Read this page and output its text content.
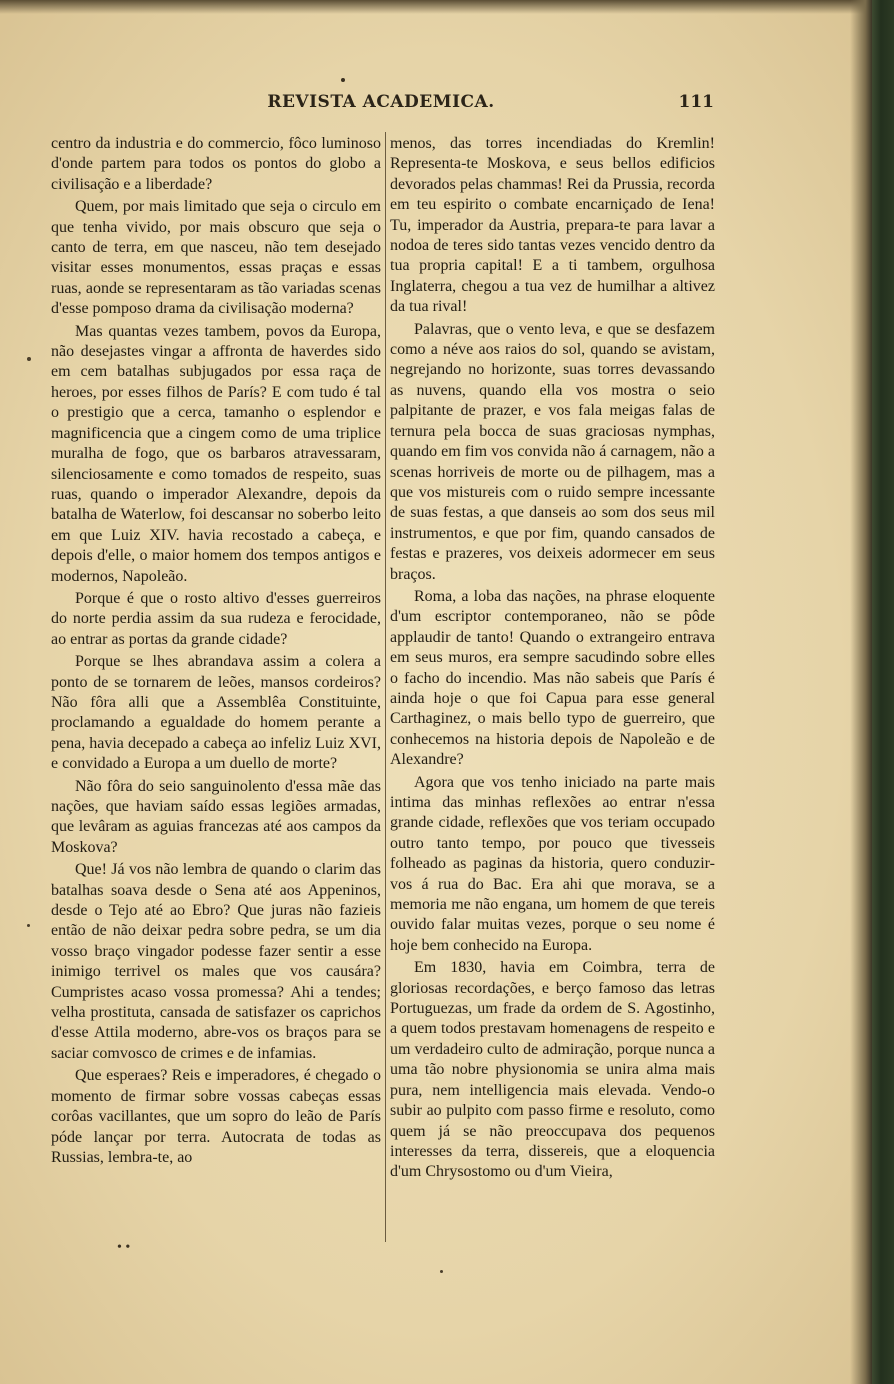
REVISTA ACADEMICA.	111

centro da industria e do commercio, fôco luminoso d'onde partem para todos os pontos do globo a civilisação e a liberdade?

Quem, por mais limitado que seja o circulo em que tenha vivido, por mais obscuro que seja o canto de terra, em que nasceu, não tem desejado visitar esses monumentos, essas praças e essas ruas, aonde se representaram as tão variadas scenas d'esse pomposo drama da civilisação moderna?

Mas quantas vezes tambem, povos da Europa, não desejastes vingar a affronta de haverdes sido em cem batalhas subjugados por essa raça de heroes, por esses filhos de París? E com tudo é tal o prestigio que a cerca, tamanho o esplendor e magnificencia que a cingem como de uma triplice muralha de fogo, que os barbaros atravessaram, silenciosamente e como tomados de respeito, suas ruas, quando o imperador Alexandre, depois da batalha de Waterlow, foi descansar no soberbo leito em que Luiz XIV. havia recostado a cabeça, e depois d'elle, o maior homem dos tempos antigos e modernos, Napoleão.

Porque é que o rosto altivo d'esses guerreiros do norte perdia assim da sua rudeza e ferocidade, ao entrar as portas da grande cidade?

Porque se lhes abrandava assim a colera a ponto de se tornarem de leões, mansos cordeiros? Não fôra alli que a Assemblêa Constituinte, proclamando a egualdade do homem perante a pena, havia decepado a cabeça ao infeliz Luiz XVI, e convidado a Europa a um duello de morte?

Não fôra do seio sanguinolento d'essa mãe das nações, que haviam saído essas legiões armadas, que levâram as aguias francezas até aos campos da Moskova?

Que! Já vos não lembra de quando o clarim das batalhas soava desde o Sena até aos Appeninos, desde o Tejo até ao Ebro? Que juras não fazieis então de não deixar pedra sobre pedra, se um dia vosso braço vingador podesse fazer sentir a esse inimigo terrivel os males que vos causára? Cumpristes acaso vossa promessa? Ahi a tendes; velha prostituta, cansada de satisfazer os caprichos d'esse Attila moderno, abre-vos os braços para se saciar comvosco de crimes e de infamias.

Que esperaes? Reis e imperadores, é chegado o momento de firmar sobre vossas cabeças essas corôas vacillantes, que um sopro do leão de París póde lançar por terra. Autocrata de todas as Russias, lembra-te, ao

menos, das torres incendiadas do Kremlin! Representa-te Moskova, e seus bellos edificios devorados pelas chammas! Rei da Prussia, recorda em teu espirito o combate encarniçado de Iena! Tu, imperador da Austria, prepara-te para lavar a nodoa de teres sido tantas vezes vencido dentro da tua propria capital! E a ti tambem, orgulhosa Inglaterra, chegou a tua vez de humilhar a altivez da tua rival!

Palavras, que o vento leva, e que se desfazem como a néve aos raios do sol, quando se avistam, negrejando no horizonte, suas torres devassando as nuvens, quando ella vos mostra o seio palpitante de prazer, e vos fala meigas falas de ternura pela bocca de suas graciosas nymphas, quando em fim vos convida não á carnagem, não a scenas horriveis de morte ou de pilhagem, mas a que vos mistureis com o ruido sempre incessante de suas festas, a que danseis ao som dos seus mil instrumentos, e que por fim, quando cansados de festas e prazeres, vos deixeis adormecer em seus braços.

Roma, a loba das nações, na phrase eloquente d'um escriptor contemporaneo, não se pôde applaudir de tanto! Quando o extrangeiro entrava em seus muros, era sempre sacudindo sobre elles o facho do incendio. Mas não sabeis que París é ainda hoje o que foi Capua para esse general Carthaginez, o mais bello typo de guerreiro, que conhecemos na historia depois de Napoleão e de Alexandre?

Agora que vos tenho iniciado na parte mais intima das minhas reflexões ao entrar n'essa grande cidade, reflexões que vos teriam occupado outro tanto tempo, por pouco que tivesseis folheado as paginas da historia, quero conduzir-vos á rua do Bac. Era ahi que morava, se a memoria me não engana, um homem de que tereis ouvido falar muitas vezes, porque o seu nome é hoje bem conhecido na Europa.

Em 1830, havia em Coimbra, terra de gloriosas recordações, e berço famoso das letras Portuguezas, um frade da ordem de S. Agostinho, a quem todos prestavam homenagens de respeito e um verdadeiro culto de admiração, porque nunca a uma tão nobre physionomia se unira alma mais pura, nem intelligencia mais elevada. Vendo-o subir ao pulpito com passo firme e resoluto, como quem já se não preoccupava dos pequenos interesses da terra, dissereis, que a eloquencia d'um Chrysostomo ou d'um Vieira,

• •
